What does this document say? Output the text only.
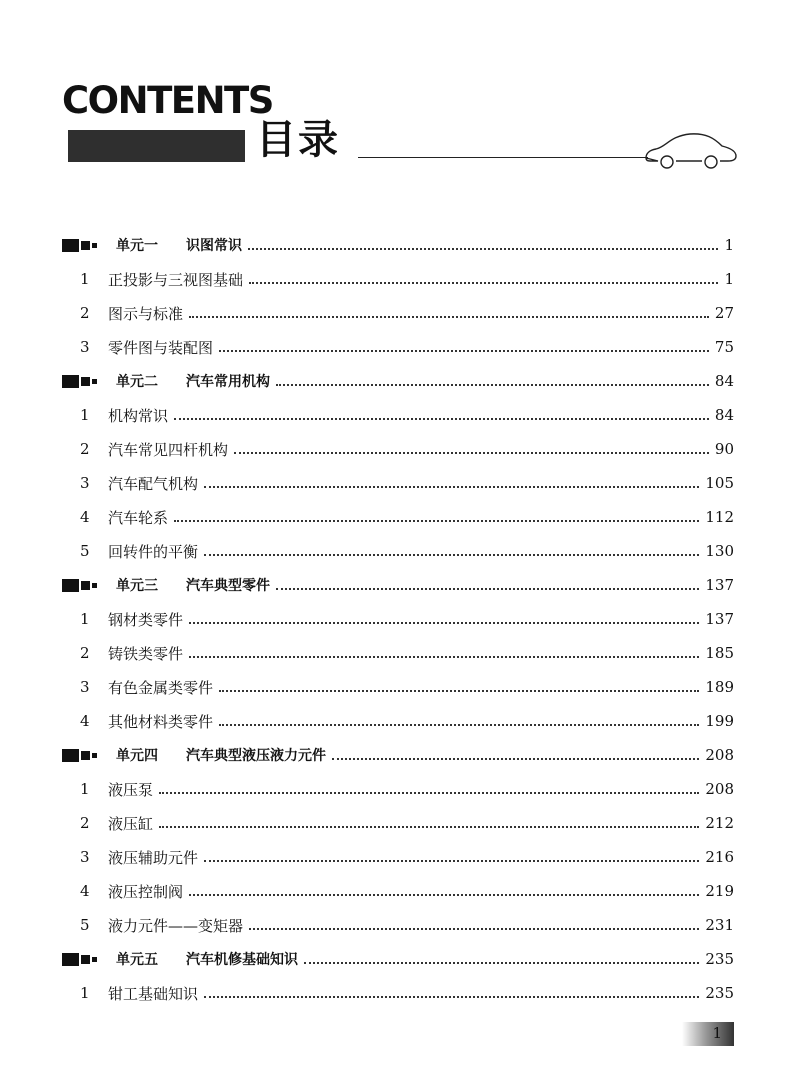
CONTENTS
目录
单元一	识图常识	1
1	正投影与三视图基础	1
2	图示与标准	27
3	零件图与装配图	75
单元二	汽车常用机构	84
1	机构常识	84
2	汽车常见四杆机构	90
3	汽车配气机构	105
4	汽车轮系	112
5	回转件的平衡	130
单元三	汽车典型零件	137
1	钢材类零件	137
2	铸铁类零件	185
3	有色金属类零件	189
4	其他材料类零件	199
单元四	汽车典型液压液力元件	208
1	液压泵	208
2	液压缸	212
3	液压辅助元件	216
4	液压控制阀	219
5	液力元件——变矩器	231
单元五	汽车机修基础知识	235
1	钳工基础知识	235
1
